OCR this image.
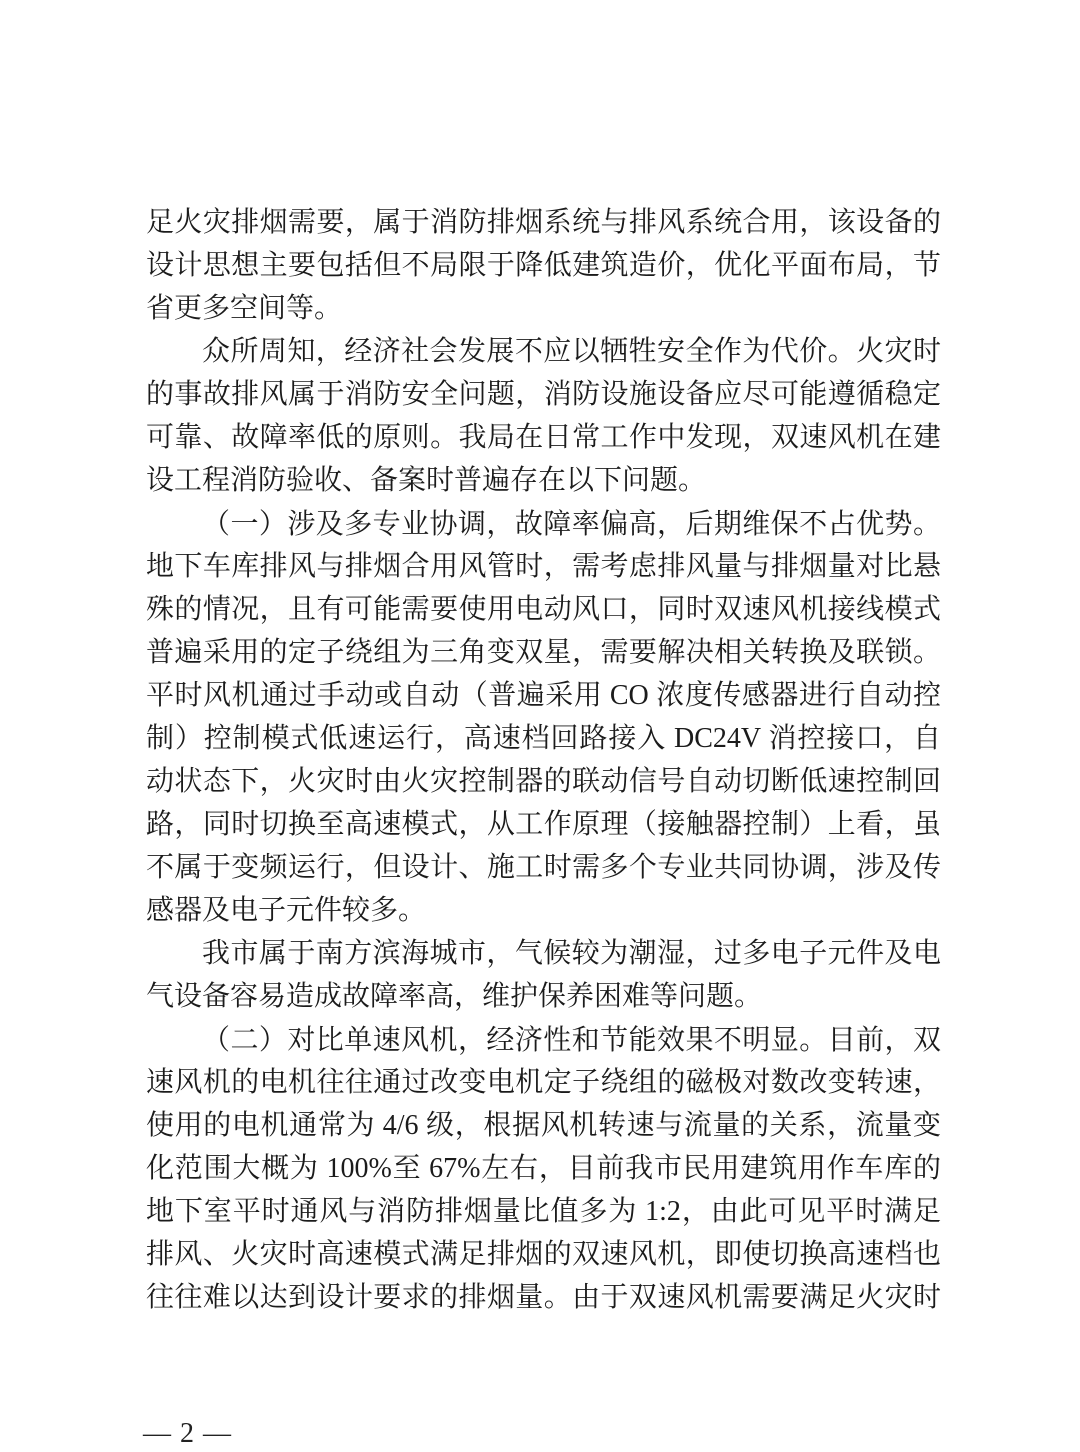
足火灾排烟需要，属于消防排烟系统与排风系统合用，该设备的
设计思想主要包括但不局限于降低建筑造价，优化平面布局，节
省更多空间等。
众所周知，经济社会发展不应以牺牲安全作为代价。火灾时
的事故排风属于消防安全问题，消防设施设备应尽可能遵循稳定
可靠、故障率低的原则。我局在日常工作中发现，双速风机在建
设工程消防验收、备案时普遍存在以下问题。
（一）涉及多专业协调，故障率偏高，后期维保不占优势。
地下车库排风与排烟合用风管时，需考虑排风量与排烟量对比悬
殊的情况，且有可能需要使用电动风口，同时双速风机接线模式
普遍采用的定子绕组为三角变双星，需要解决相关转换及联锁。
平时风机通过手动或自动（普遍采用 CO 浓度传感器进行自动控
制）控制模式低速运行，高速档回路接入 DC24V 消控接口，自
动状态下，火灾时由火灾控制器的联动信号自动切断低速控制回
路，同时切换至高速模式，从工作原理（接触器控制）上看，虽
不属于变频运行，但设计、施工时需多个专业共同协调，涉及传
感器及电子元件较多。
我市属于南方滨海城市，气候较为潮湿，过多电子元件及电
气设备容易造成故障率高，维护保养困难等问题。
（二）对比单速风机，经济性和节能效果不明显。目前，双
速风机的电机往往通过改变电机定子绕组的磁极对数改变转速，
使用的电机通常为 4/6 级，根据风机转速与流量的关系，流量变
化范围大概为 100%至 67%左右，目前我市民用建筑用作车库的
地下室平时通风与消防排烟量比值多为 1:2，由此可见平时满足
排风、火灾时高速模式满足排烟的双速风机，即使切换高速档也
往往难以达到设计要求的排烟量。由于双速风机需要满足火灾时
— 2 —
